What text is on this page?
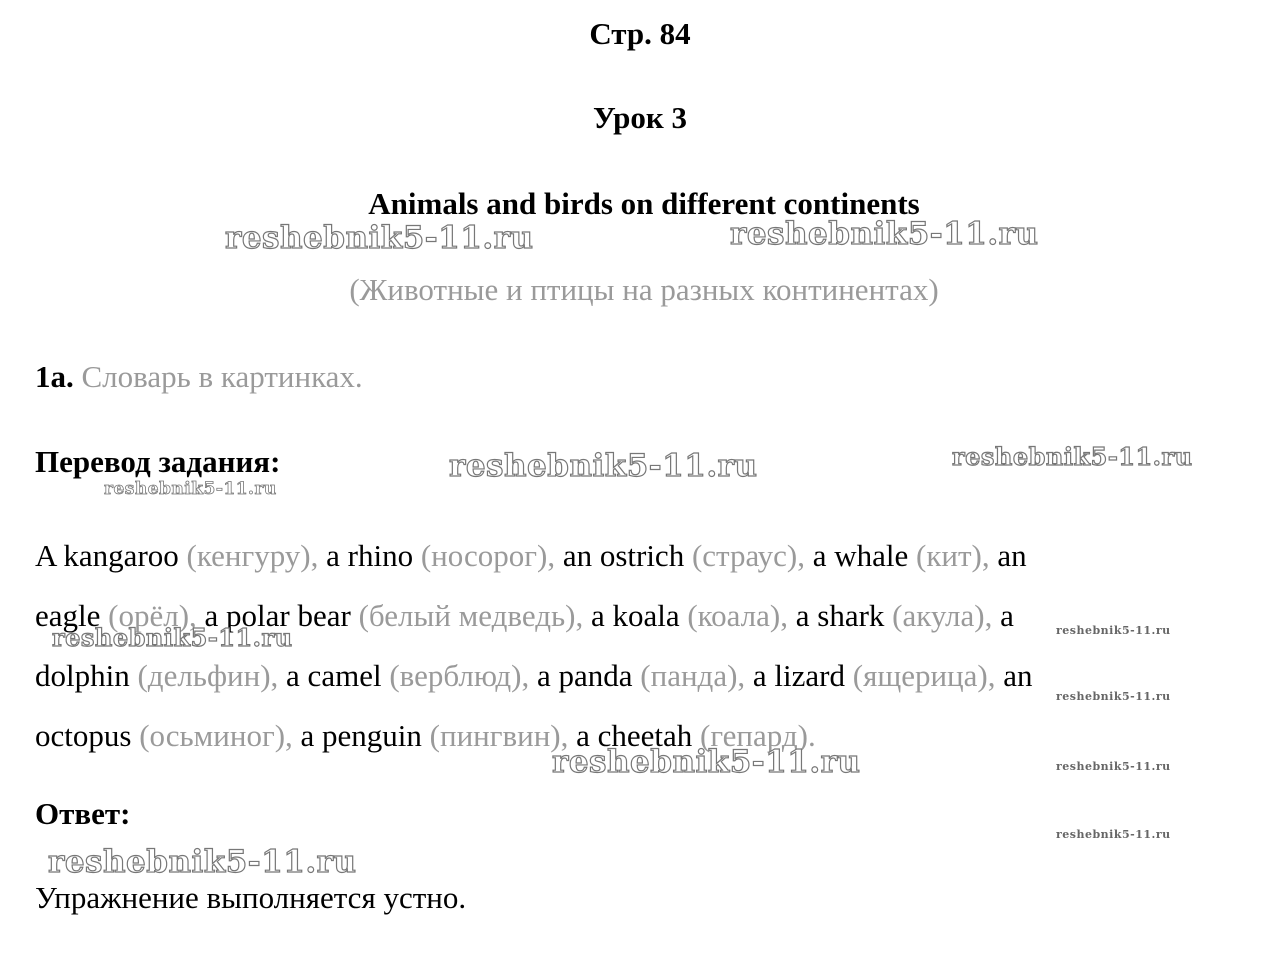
Стр. 84
Урок 3
Animals and birds on different continents
(Животные и птицы на разных континентах)
1a. Словарь в картинках.
Перевод задания:
A kangaroo (кенгуру), a rhino (носорог), an ostrich (страус), a whale (кит), an
eagle (орёл), a polar bear (белый медведь), a koala (коала), a shark (акула), a
dolphin (дельфин), a camel (верблюд), a panda (панда), a lizard (ящерица), an
octopus (осьминог), a penguin (пингвин), a cheetah (гепард).
Ответ:
Упражнение выполняется устно.
reshebnik5-11.ru	reshebnik5-11.ru
reshebnik5-11.ru	reshebnik5-11.ru
reshebnik5-11.ru
reshebnik5-11.ru	reshebnik5-11.ru
reshebnik5-11.ru
reshebnik5-11.ru	reshebnik5-11.ru
reshebnik5-11.ru
reshebnik5-11.ru
